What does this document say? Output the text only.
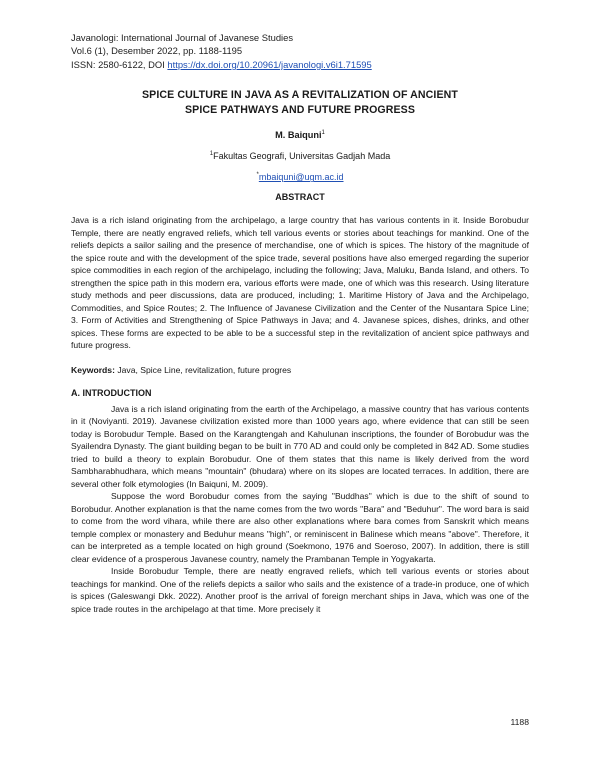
Javanologi: International Journal of Javanese Studies
Vol.6 (1), Desember 2022, pp. 1188-1195
ISSN: 2580-6122, DOI https://dx.doi.org/10.20961/javanologi.v6i1.71595
SPICE CULTURE IN JAVA AS A REVITALIZATION OF ANCIENT
SPICE PATHWAYS AND FUTURE PROGRESS
M. Baiquni$^1$
$^1$Fakultas Geografi, Universitas Gadjah Mada
*mbaiquni@ugm.ac.id
ABSTRACT
Java is a rich island originating from the archipelago, a large country that has various contents in it. Inside Borobudur Temple, there are neatly engraved reliefs, which tell various events or stories about teachings for mankind. One of the reliefs depicts a sailor sailing and the presence of merchandise, one of which is spices. The history of the magnitude of the spice route and with the development of the spice trade, several positions have also emerged regarding the superior spice commodities in each region of the archipelago, including the following; Java, Maluku, Banda Island, and others. To strengthen the spice path in this modern era, various efforts were made, one of which was this research. Using literature study methods and peer discussions, data are produced, including; 1. Maritime History of Java and the Archipelago, Commodities, and Spice Routes; 2. The Influence of Javanese Civilization and the Center of the Nusantara Spice Line; 3. Form of Activities and Strengthening of Spice Pathways in Java; and 4. Javanese spices, dishes, drinks, and other spices. These forms are expected to be able to be a successful step in the revitalization of ancient spice pathways and future progress.
Keywords: Java, Spice Line, revitalization, future progres
A. INTRODUCTION

Java is a rich island originating from the earth of the Archipelago, a massive country that has various contents in it (Noviyanti. 2019). Javanese civilization existed more than 1000 years ago, where evidence that can still be seen today is Borobudur Temple. Based on the Karangtengah and Kahulunan inscriptions, the founder of Borobudur was the Syailendra Dynasty. The giant building began to be built in 770 AD and could only be completed in 842 AD. Some studies tried to build a theory to explain Borobudur. One of them states that this name is likely derived from the word Sambharabhudhara, which means "mountain" (bhudara) where on its slopes are located terraces. In addition, there are several other folk etymologies (In Baiquni, M. 2009).

Suppose the word Borobudur comes from the saying "Buddhas" which is due to the shift of sound to Borobudur. Another explanation is that the name comes from the two words "Bara" and "Beduhur". The word bara is said to come from the word vihara, while there are also other explanations where bara comes from Sanskrit which means temple complex or monastery and Beduhur means "high", or reminiscent in Balinese which means "above". Therefore, it can be interpreted as a temple located on high ground (Soekmono, 1976 and Soeroso, 2007). In addition, there is still clear evidence of a prosperous Javanese country, namely the Prambanan Temple in Yogyakarta.

Inside Borobudur Temple, there are neatly engraved reliefs, which tell various events or stories about teachings for mankind. One of the reliefs depicts a sailor who sails and the existence of a trade-in produce, one of which is spices (Galeswangi Dkk. 2022). Another proof is the arrival of foreign merchant ships in Java, which was one of the spice trade routes in the archipelago at that time. More precisely it

1188
